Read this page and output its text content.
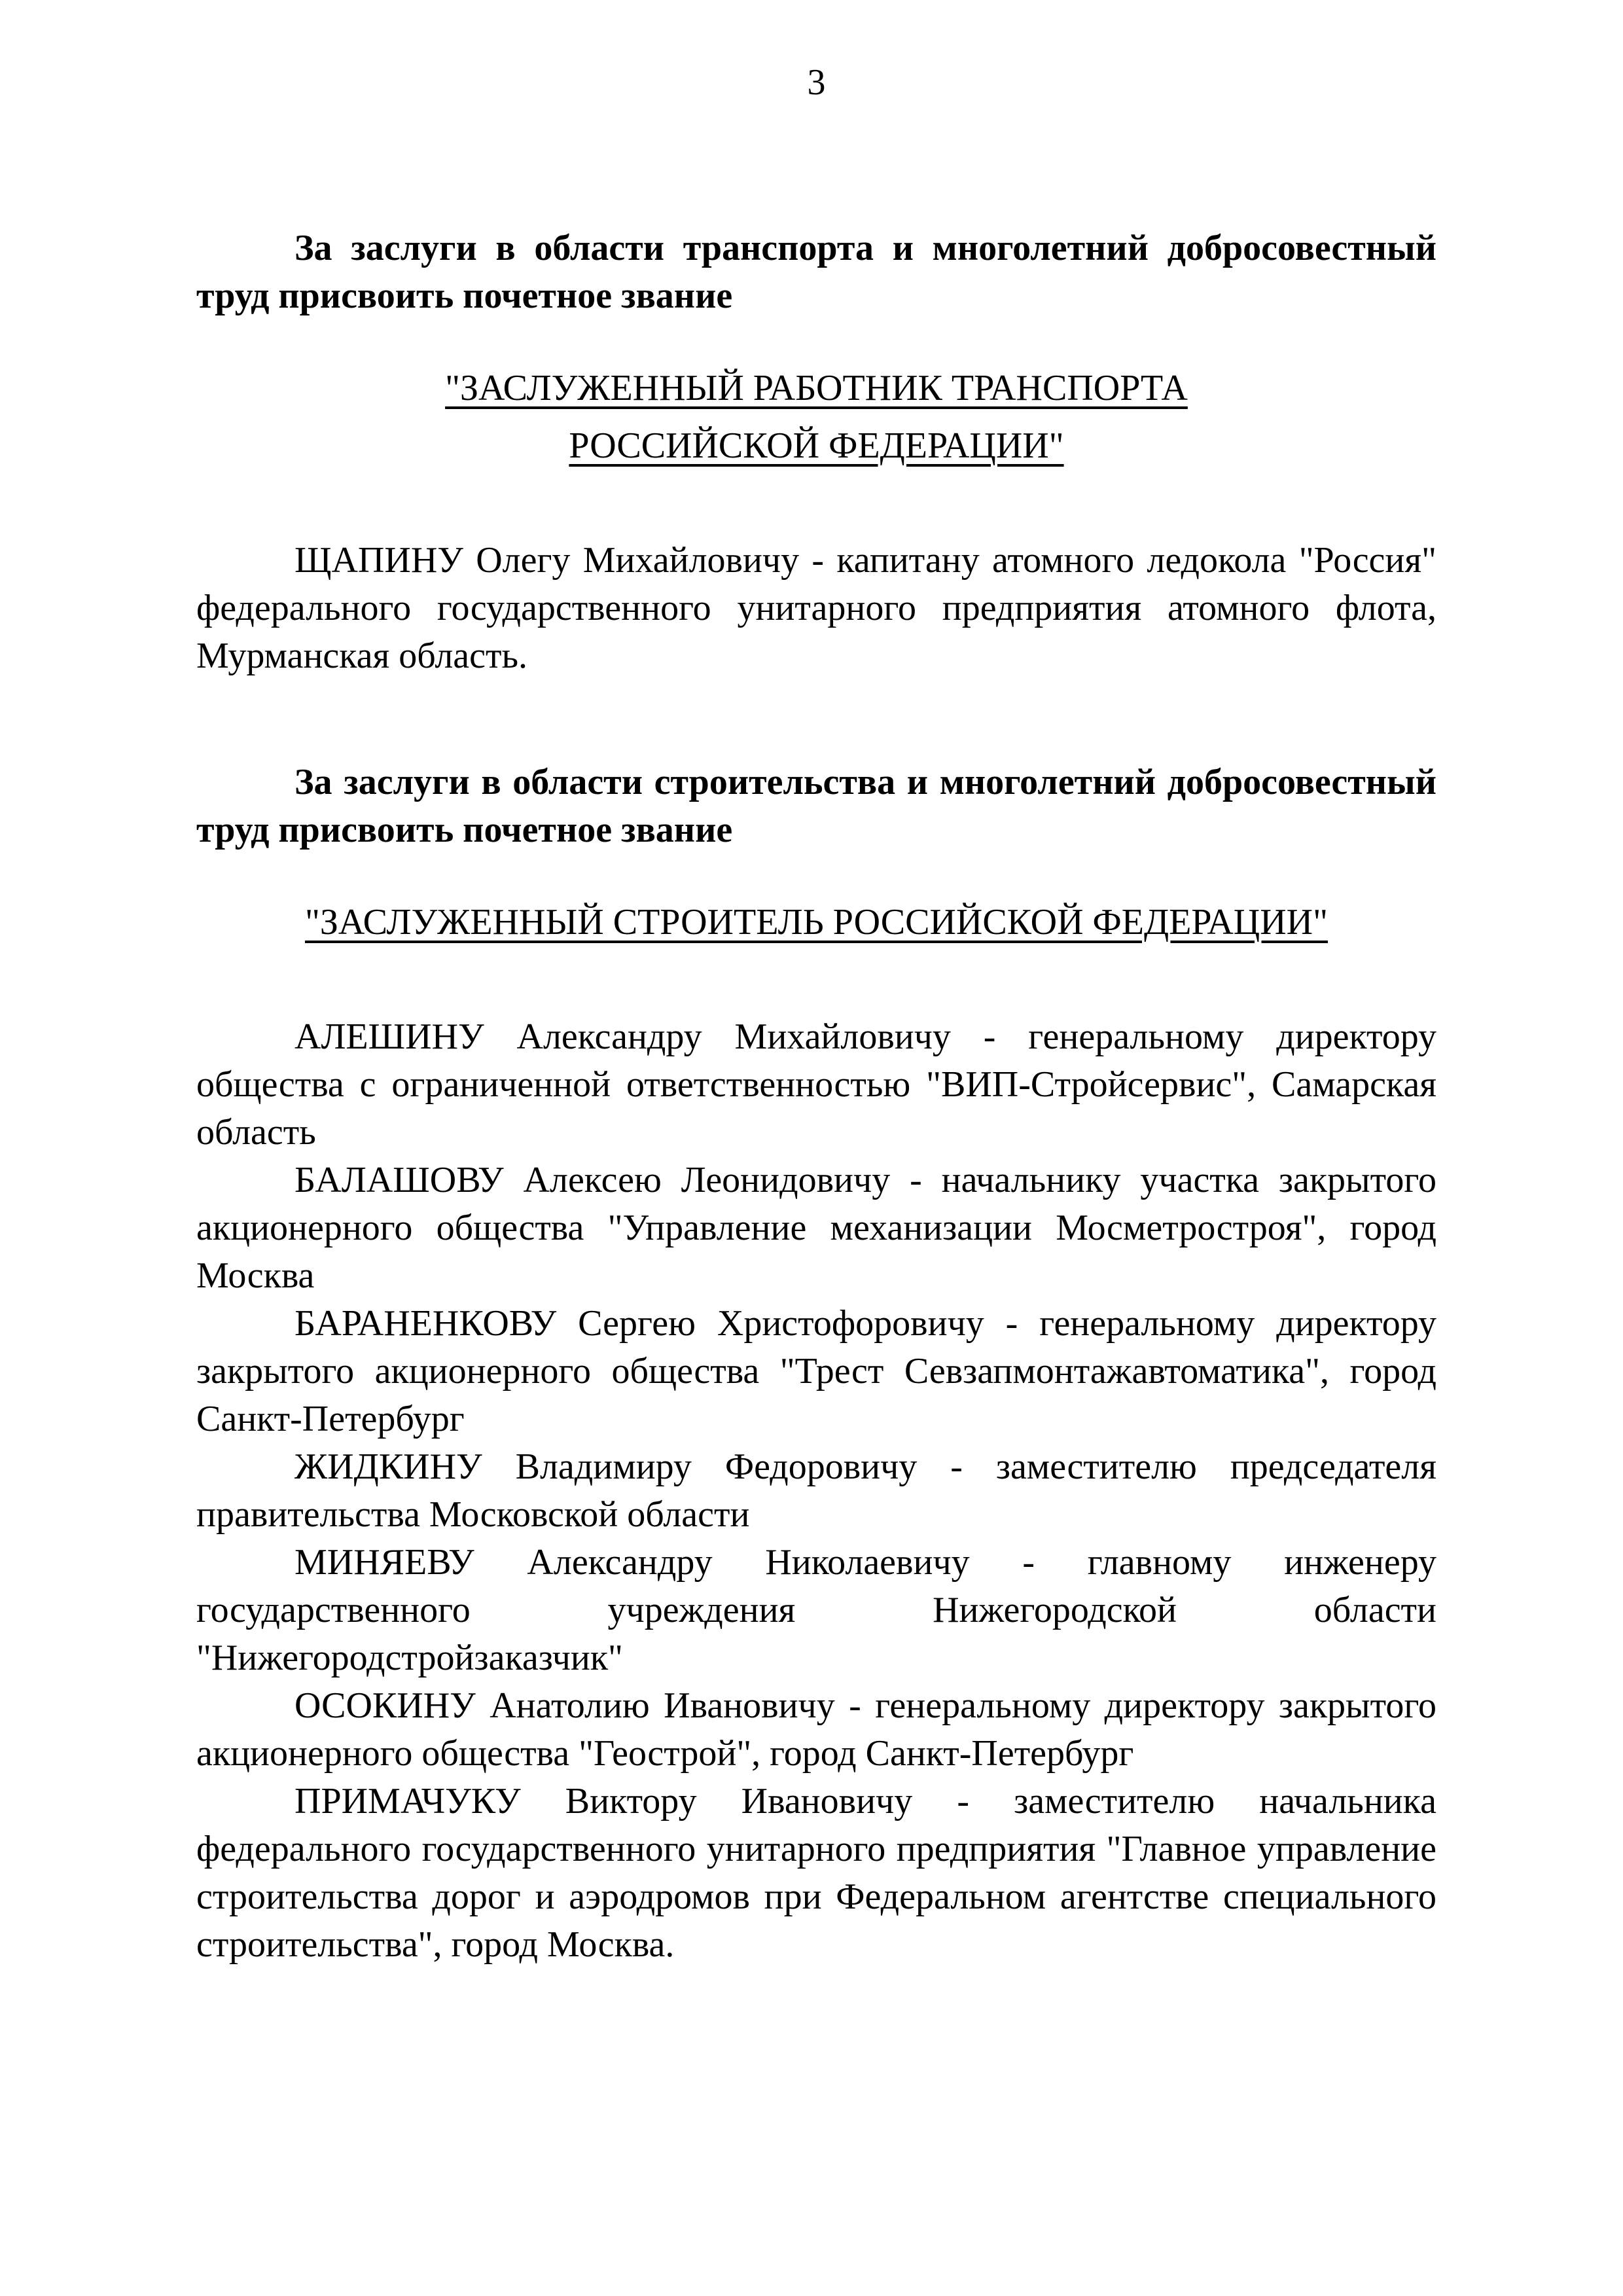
3

За заслуги в области транспорта и многолетний добросовестный труд присвоить почетное звание

"ЗАСЛУЖЕННЫЙ РАБОТНИК ТРАНСПОРТА
РОССИЙСКОЙ ФЕДЕРАЦИИ"

ЩАПИНУ Олегу Михайловичу - капитану атомного ледокола "Россия" федерального государственного унитарного предприятия атомного флота, Мурманская область.

За заслуги в области строительства и многолетний добросовестный труд присвоить почетное звание

"ЗАСЛУЖЕННЫЙ СТРОИТЕЛЬ РОССИЙСКОЙ ФЕДЕРАЦИИ"

АЛЕШИНУ Александру Михайловичу - генеральному директору общества с ограниченной ответственностью "ВИП-Стройсервис", Самарская область

БАЛАШОВУ Алексею Леонидовичу - начальнику участка закрытого акционерного общества "Управление механизации Мосметростроя", город Москва

БАРАНЕНКОВУ Сергею Христофоровичу - генеральному директору закрытого акционерного общества "Трест Севзапмонтажавтоматика", город Санкт-Петербург

ЖИДКИНУ Владимиру Федоровичу - заместителю председателя правительства Московской области

МИНЯЕВУ Александру Николаевичу - главному инженеру государственного учреждения Нижегородской области "Нижегородстройзаказчик"

ОСОКИНУ Анатолию Ивановичу - генеральному директору закрытого акционерного общества "Геострой", город Санкт-Петербург

ПРИМАЧУКУ Виктору Ивановичу - заместителю начальника федерального государственного унитарного предприятия "Главное управление строительства дорог и аэродромов при Федеральном агентстве специального строительства", город Москва.
